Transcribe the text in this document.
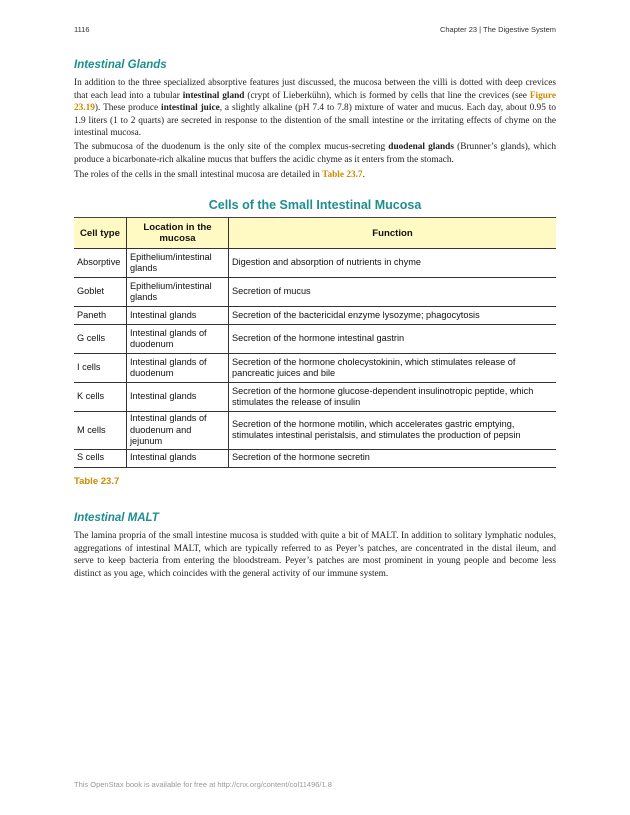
1116	Chapter 23 | The Digestive System
Intestinal Glands

In addition to the three specialized absorptive features just discussed, the mucosa between the villi is dotted with deep crevices that each lead into a tubular intestinal gland (crypt of Lieberkühn), which is formed by cells that line the crevices (see Figure 23.19). These produce intestinal juice, a slightly alkaline (pH 7.4 to 7.8) mixture of water and mucus. Each day, about 0.95 to 1.9 liters (1 to 2 quarts) are secreted in response to the distention of the small intestine or the irritating effects of chyme on the intestinal mucosa.

The submucosa of the duodenum is the only site of the complex mucus-secreting duodenal glands (Brunner’s glands), which produce a bicarbonate-rich alkaline mucus that buffers the acidic chyme as it enters from the stomach.

The roles of the cells in the small intestinal mucosa are detailed in Table 23.7.

Cells of the Small Intestinal Mucosa
Cell type	Location in the mucosa	Function
Absorptive	Epithelium/intestinal glands	Digestion and absorption of nutrients in chyme
Goblet	Epithelium/intestinal glands	Secretion of mucus
Paneth	Intestinal glands	Secretion of the bactericidal enzyme lysozyme; phagocytosis
G cells	Intestinal glands of duodenum	Secretion of the hormone intestinal gastrin
I cells	Intestinal glands of duodenum	Secretion of the hormone cholecystokinin, which stimulates release of pancreatic juices and bile
K cells	Intestinal glands	Secretion of the hormone glucose-dependent insulinotropic peptide, which stimulates the release of insulin
M cells	Intestinal glands of duodenum and jejunum	Secretion of the hormone motilin, which accelerates gastric emptying, stimulates intestinal peristalsis, and stimulates the production of pepsin
S cells	Intestinal glands	Secretion of the hormone secretin
Table 23.7
Intestinal MALT

The lamina propria of the small intestine mucosa is studded with quite a bit of MALT. In addition to solitary lymphatic nodules, aggregations of intestinal MALT, which are typically referred to as Peyer’s patches, are concentrated in the distal ileum, and serve to keep bacteria from entering the bloodstream. Peyer’s patches are most prominent in young people and become less distinct as you age, which coincides with the general activity of our immune system.

This OpenStax book is available for free at http://cnx.org/content/col11496/1.8
